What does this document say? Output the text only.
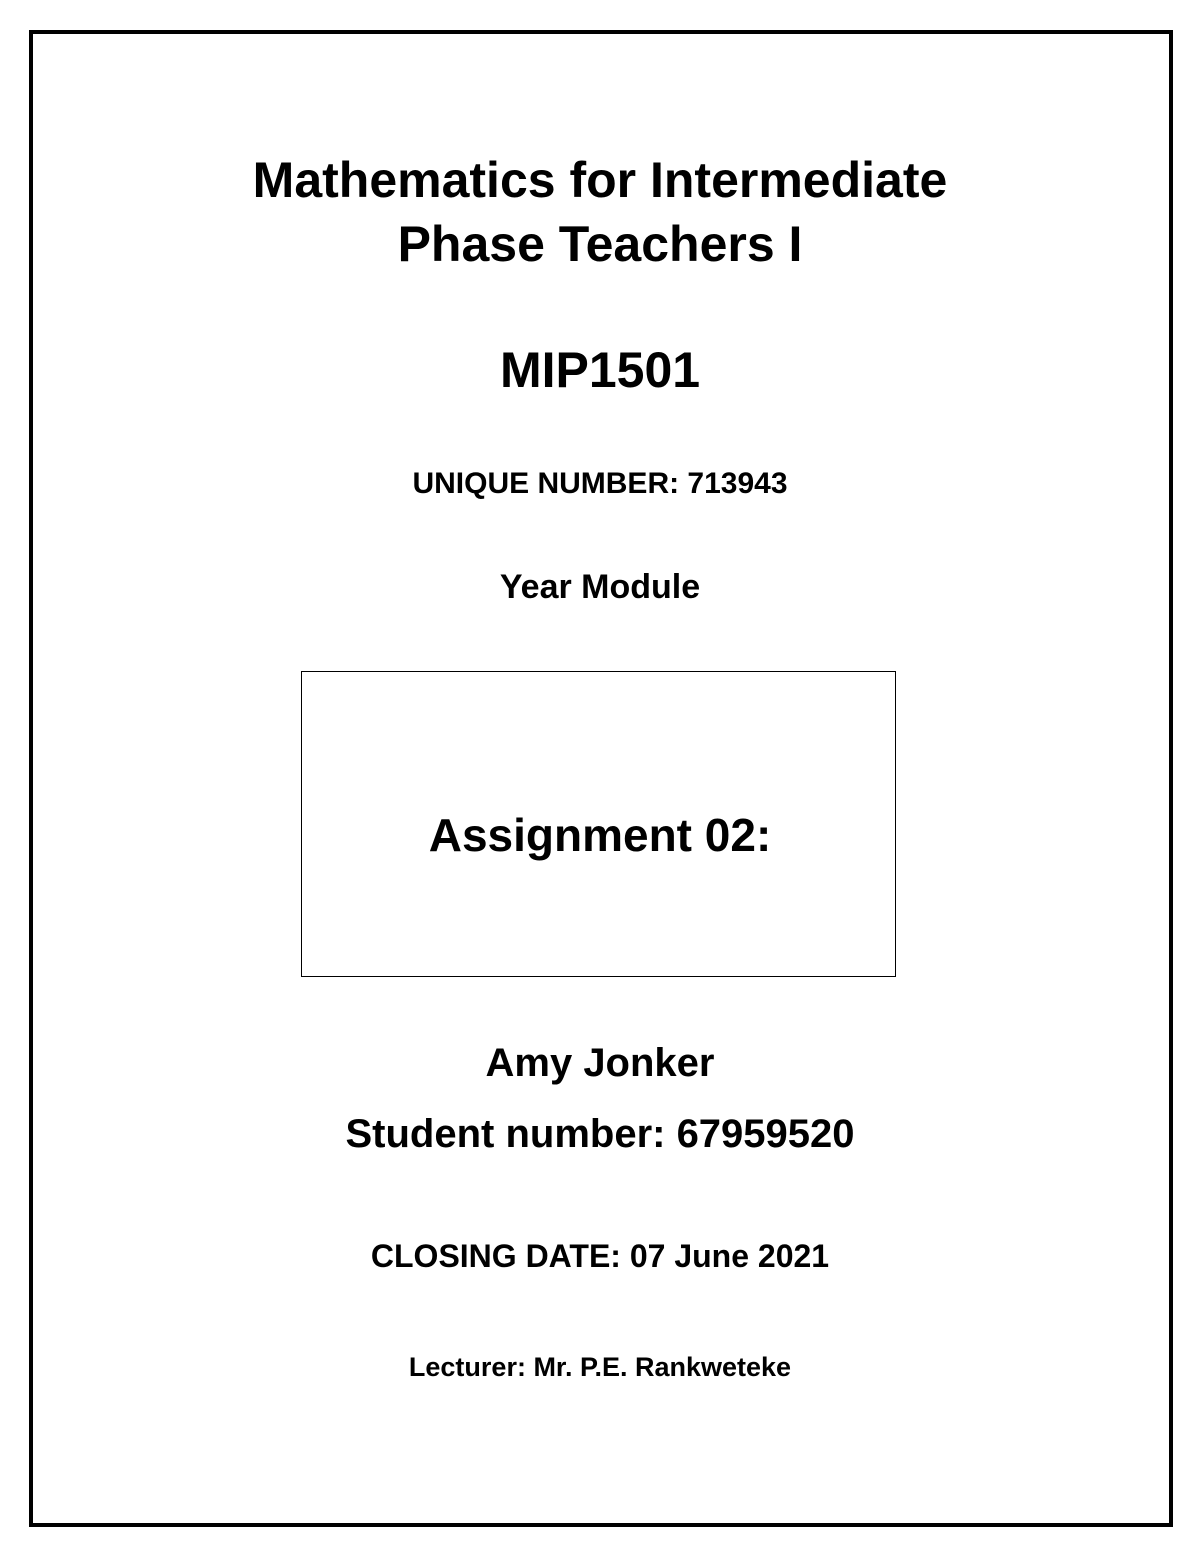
Mathematics for Intermediate
Phase Teachers I
MIP1501
UNIQUE NUMBER: 713943
Year Module
Assignment 02:
Amy Jonker
Student number: 67959520
CLOSING DATE: 07 June 2021
Lecturer: Mr. P.E. Rankweteke
